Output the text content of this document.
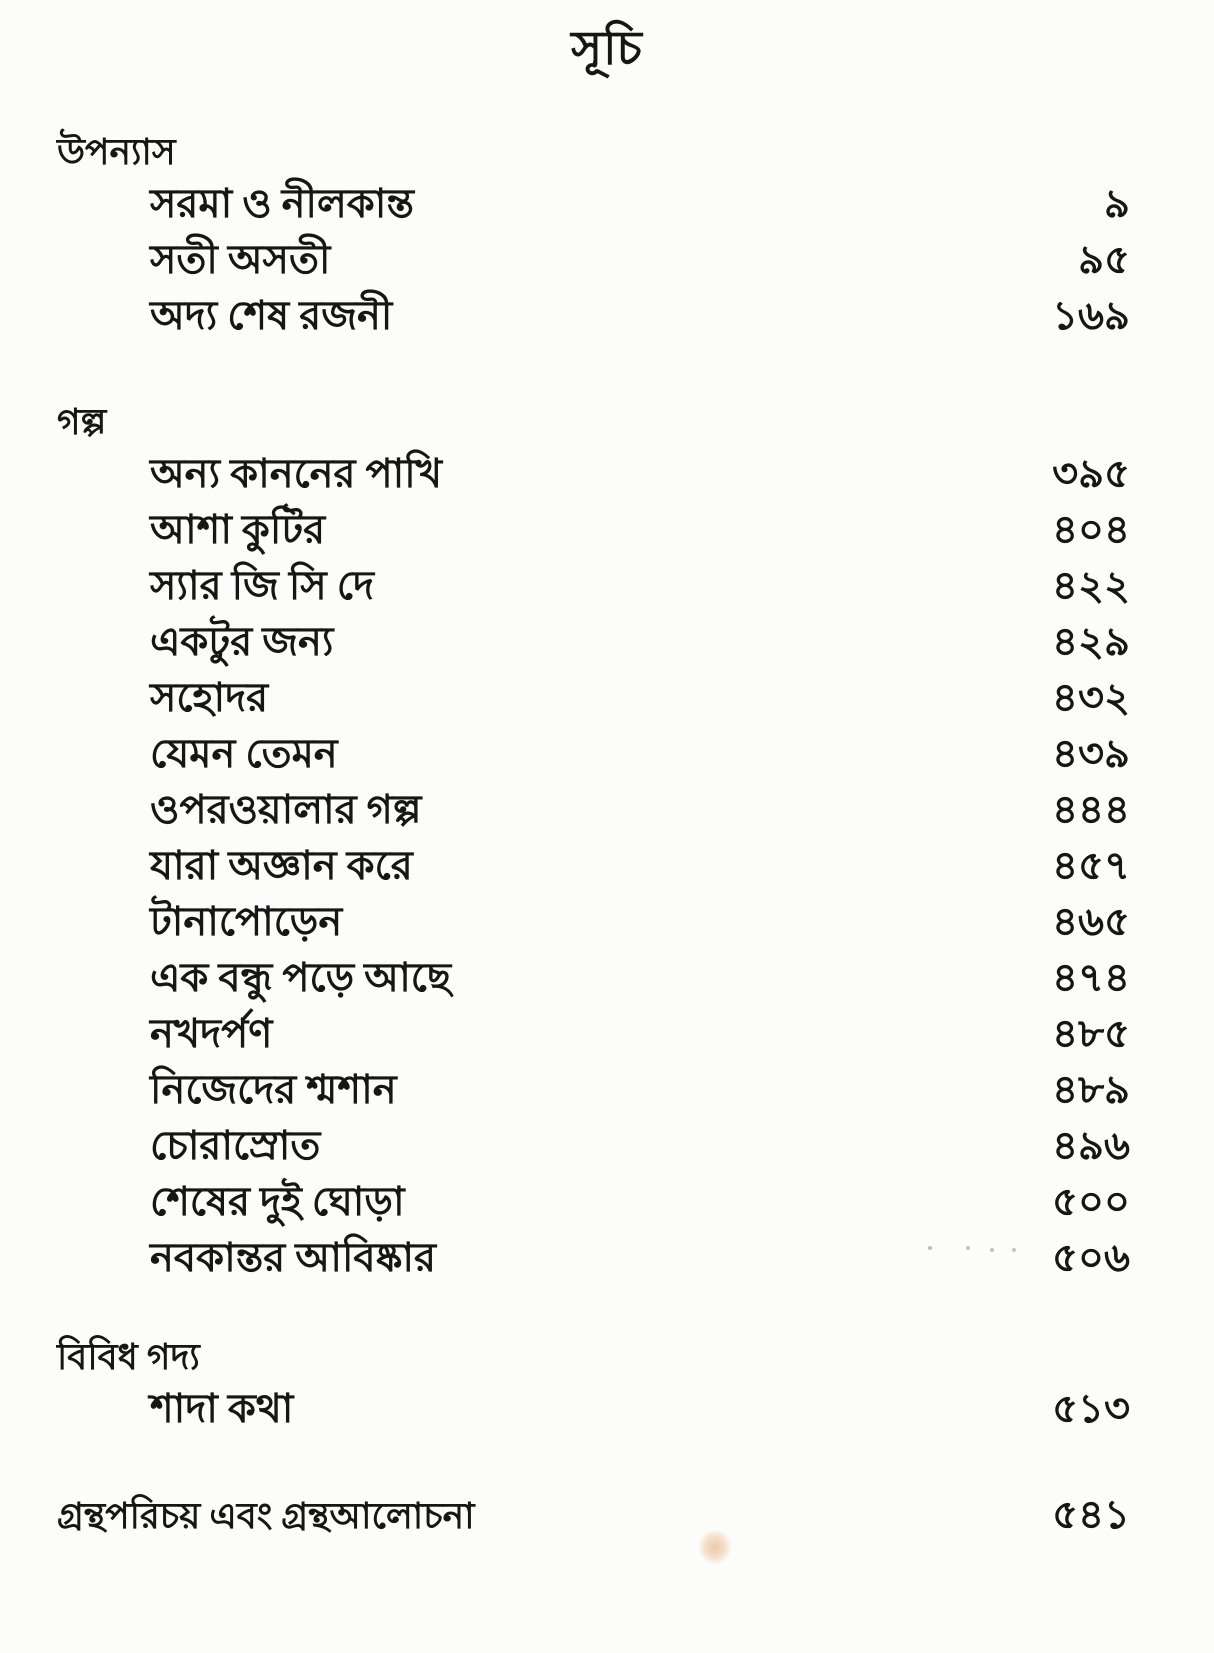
সূচি
উপন্যাস
সরমা ও নীলকান্ত	৯
সতী অসতী	৯৫
অদ্য শেষ রজনী	১৬৯
গল্প
অন্য কাননের পাখি	৩৯৫
আশা কুটির	৪০৪
স্যার জি সি দে	৪২২
একটুর জন্য	৪২৯
সহোদর	৪৩২
যেমন তেমন	৪৩৯
ওপরওয়ালার গল্প	৪৪৪
যারা অজ্ঞান করে	৪৫৭
টানাপোড়েন	৪৬৫
এক বন্ধু পড়ে আছে	৪৭৪
নখদর্পণ	৪৮৫
নিজেদের শ্মশান	৪৮৯
চোরাস্রোত	৪৯৬
শেষের দুই ঘোড়া	৫০০
নবকান্তর আবিষ্কার	৫০৬
বিবিধ গদ্য
শাদা কথা	৫১৩
গ্রন্থপরিচয় এবং গ্রন্থআলোচনা	৫৪১
